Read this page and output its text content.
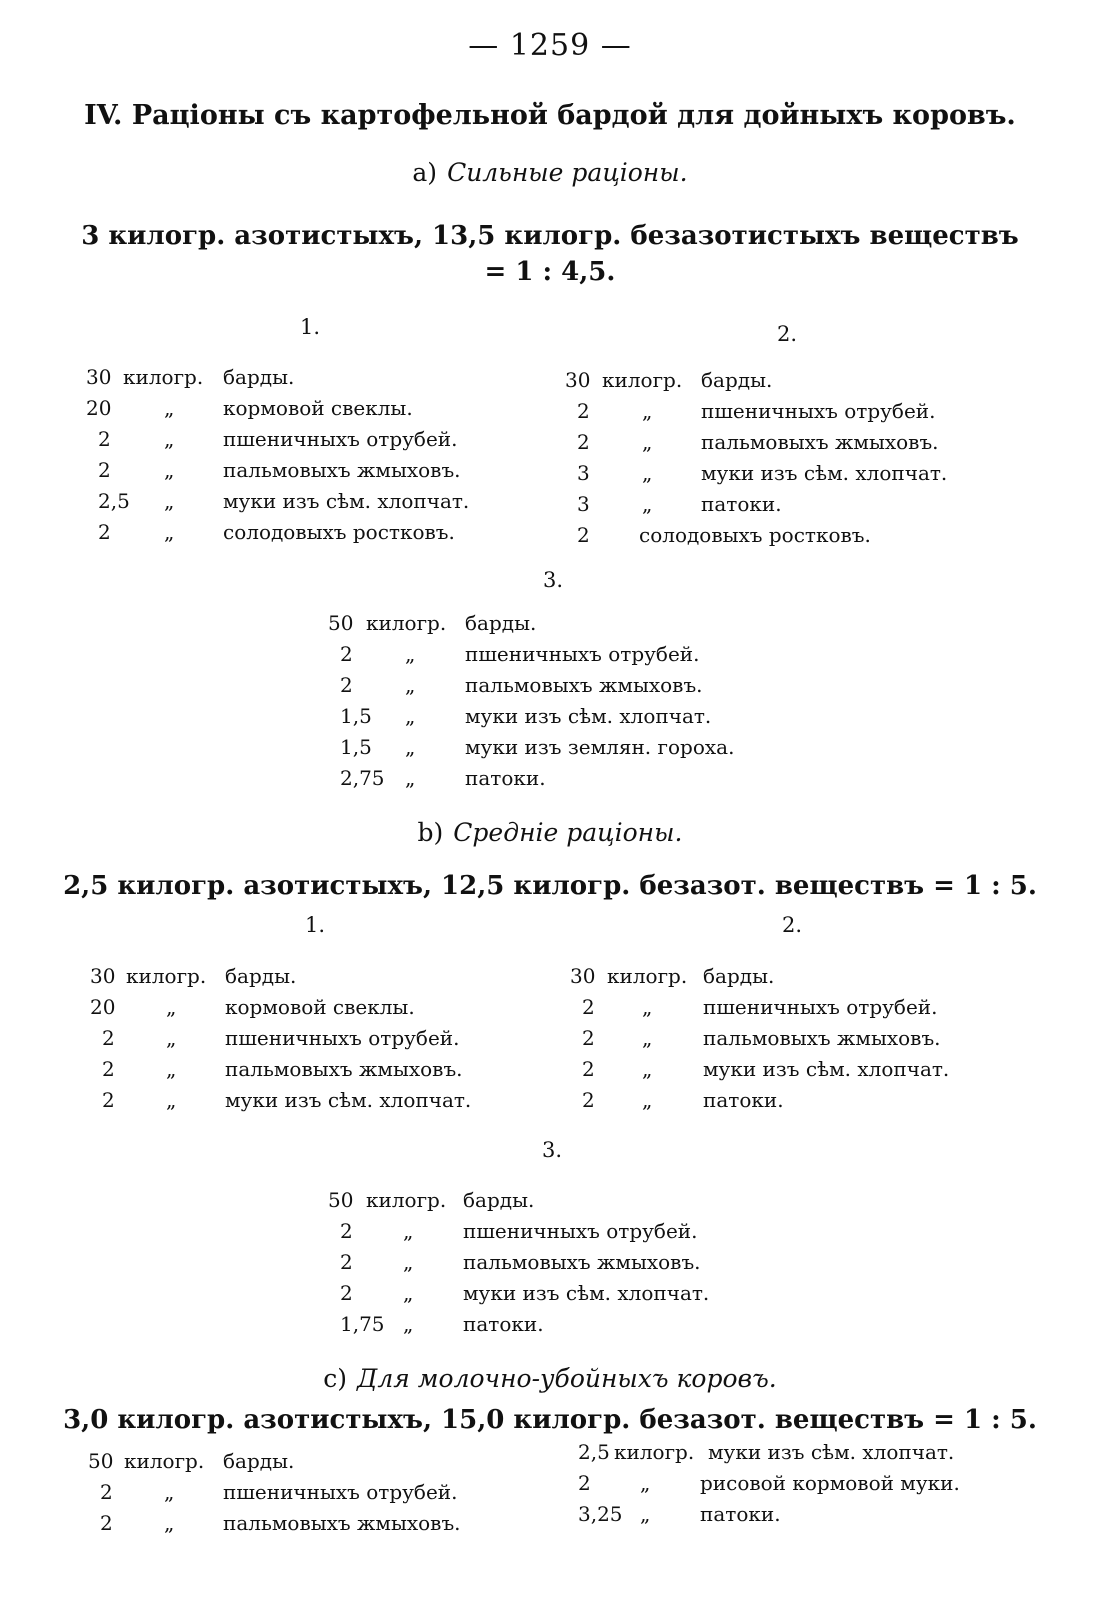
— 1259 —
IV. Раціоны съ картофельной бардой для дойныхъ коровъ.
a) Сильные раціоны.
3 килогр. азотистыхъ, 13,5 килогр. безазотистыхъ веществъ = 1 : 4,5.
1.	2.
30 килогр. барды.
20	„ кормовой свеклы.
2	„ пшеничныхъ отрубей.
2	„ пальмовыхъ жмыховъ.
2,5 „ муки изъ сѣм. хлопчат.
2	„ солодовыхъ ростковъ.
30 килогр. барды.
2	„ пшеничныхъ отрубей.
2	„ пальмовыхъ жмыховъ.
3	„ муки изъ сѣм. хлопчат.
3	„ патоки.
2 солодовыхъ ростковъ.
3.
50 килогр. барды.
2	„ пшеничныхъ отрубей.
2	„ пальмовыхъ жмыховъ.
1,5 „ муки изъ сѣм. хлопчат.
1,5 „ муки изъ землян. гороха.
2,75 „ патоки.
b) Средніе раціоны.
2,5 килогр. азотистыхъ, 12,5 килогр. безазот. веществъ = 1 : 5.
1.	2.
30 килогр. барды.
20	„ кормовой свеклы.
2	„ пшеничныхъ отрубей.
2	„ пальмовыхъ жмыховъ.
2	„ муки изъ сѣм. хлопчат.
30 килогр. барды.
2 „	пшеничныхъ отрубей.
2 „	пальмовыхъ жмыховъ.
2 „	муки изъ сѣм. хлопчат.
2 „	патоки.
3.
50 килогр. барды.
2	„ пшеничныхъ отрубей.
2	„ пальмовыхъ жмыховъ.
2	„ муки изъ сѣм. хлопчат.
1,75 „ патоки.
c) Для молочно-убойныхъ коровъ.
3,0 килогр. азотистыхъ, 15,0 килогр. безазот. веществъ = 1 : 5.
50 килогр. барды.
2	„ пшеничныхъ отрубей.
2	„ пальмовыхъ жмыховъ.
2,5 килогр. муки изъ сѣм. хлопчат.
2 „ рисовой кормовой муки.
3,25 „ патоки.
